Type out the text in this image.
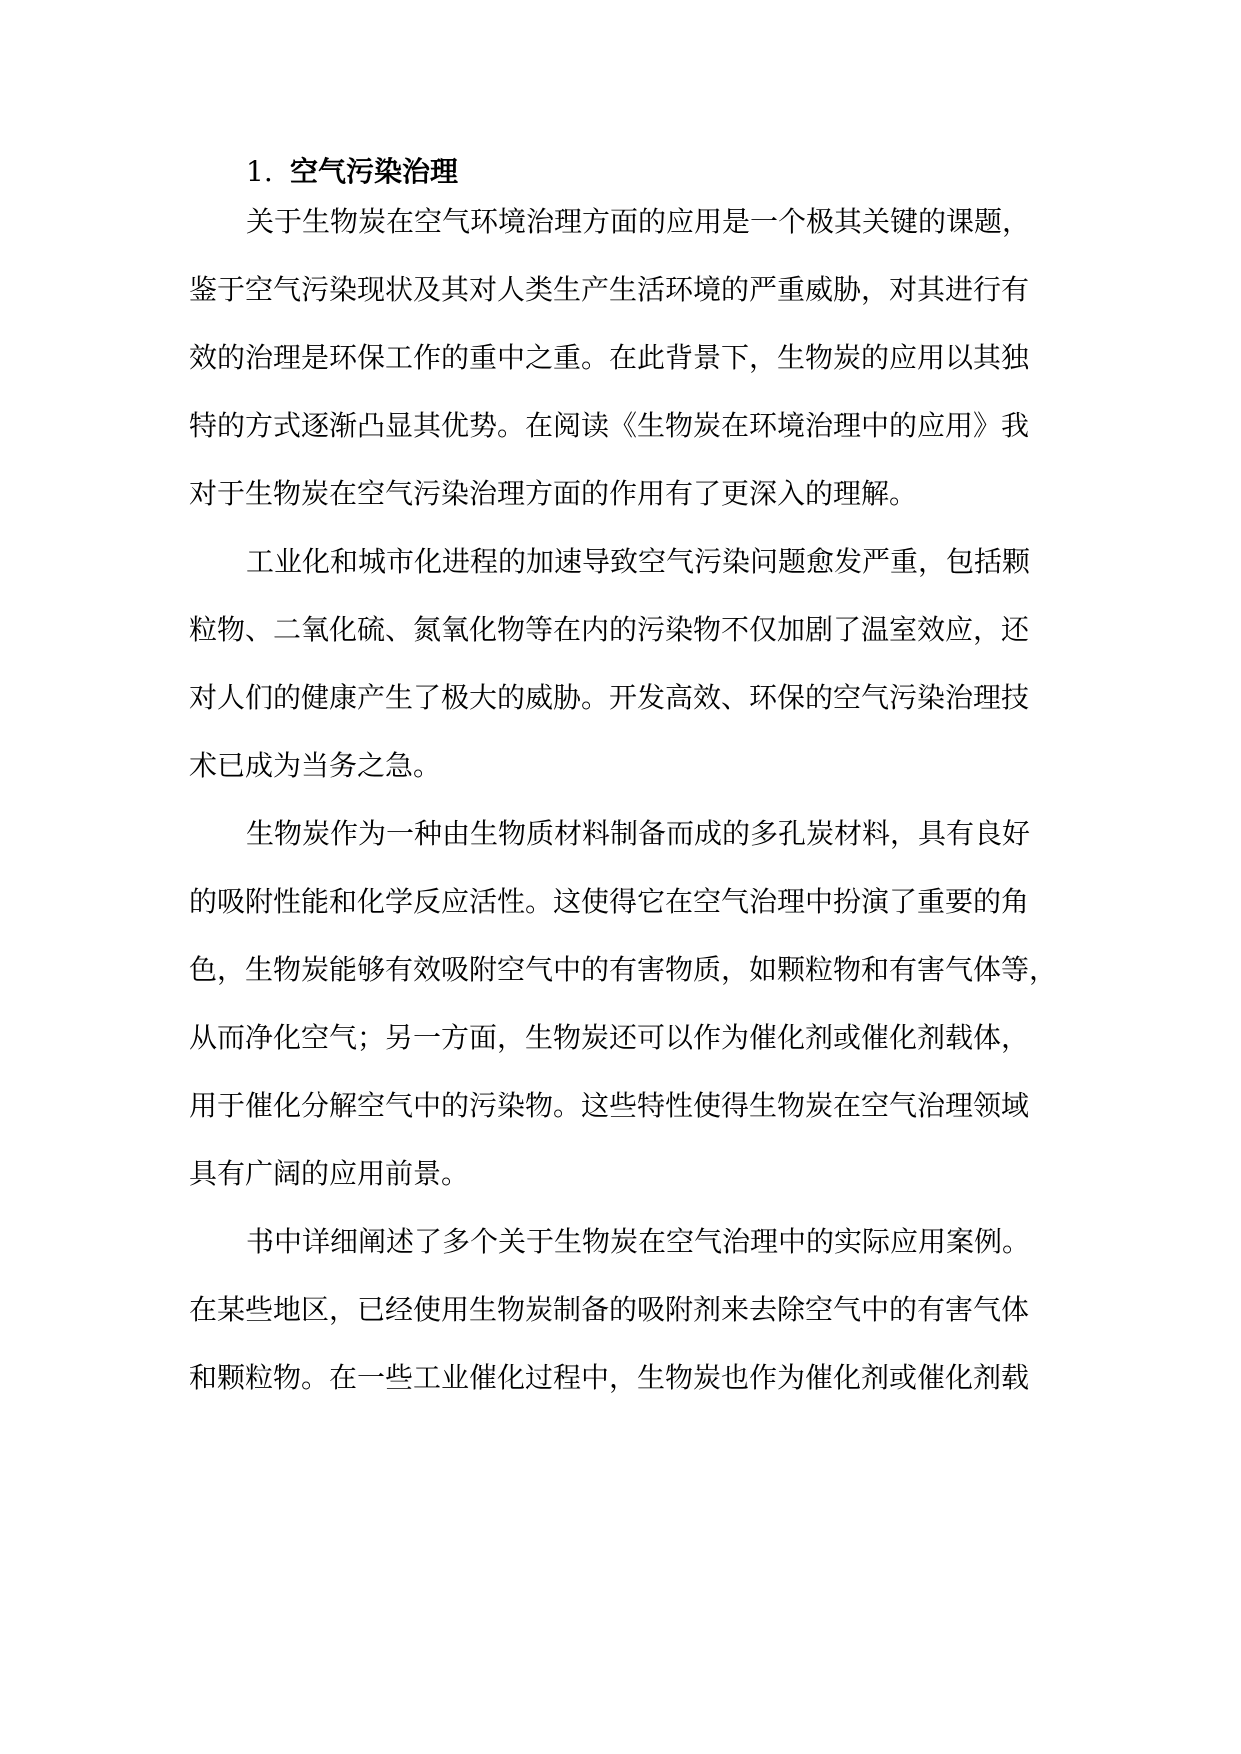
1. 空气污染治理
关于生物炭在空气环境治理方面的应用是一个极其关键的课题，
鉴于空气污染现状及其对人类生产生活环境的严重威胁，对其进行有
效的治理是环保工作的重中之重。在此背景下，生物炭的应用以其独
特的方式逐渐凸显其优势。在阅读《生物炭在环境治理中的应用》我
对于生物炭在空气污染治理方面的作用有了更深入的理解。
工业化和城市化进程的加速导致空气污染问题愈发严重，包括颗
粒物、二氧化硫、氮氧化物等在内的污染物不仅加剧了温室效应，还
对人们的健康产生了极大的威胁。开发高效、环保的空气污染治理技
术已成为当务之急。
生物炭作为一种由生物质材料制备而成的多孔炭材料，具有良好
的吸附性能和化学反应活性。这使得它在空气治理中扮演了重要的角
色，生物炭能够有效吸附空气中的有害物质，如颗粒物和有害气体等，
从而净化空气；另一方面，生物炭还可以作为催化剂或催化剂载体，
用于催化分解空气中的污染物。这些特性使得生物炭在空气治理领域
具有广阔的应用前景。
书中详细阐述了多个关于生物炭在空气治理中的实际应用案例。
在某些地区，已经使用生物炭制备的吸附剂来去除空气中的有害气体
和颗粒物。在一些工业催化过程中，生物炭也作为催化剂或催化剂载
